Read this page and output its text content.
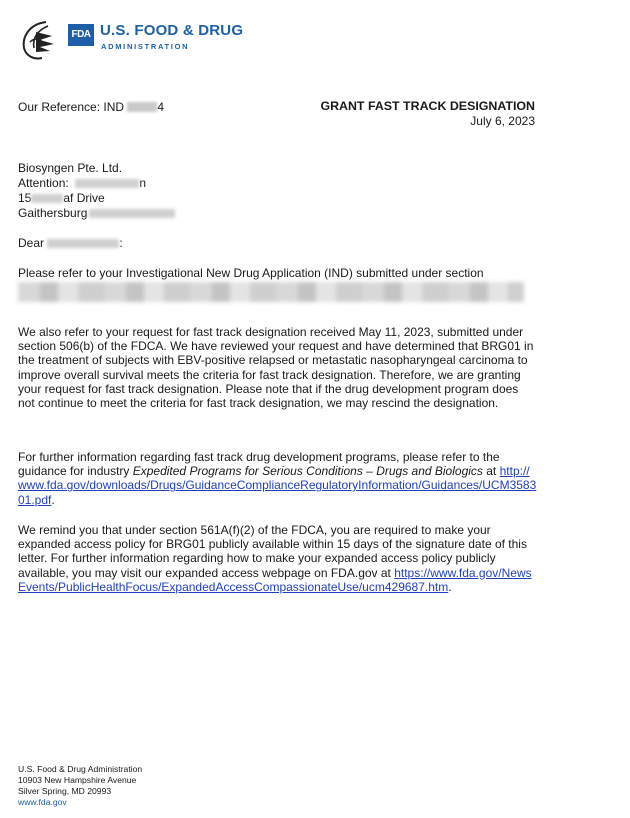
FDA U.S. FOOD & DRUG
ADMINISTRATION
Our Reference: IND	4	GRANT FAST TRACK DESIGNATION
July 6, 2023
Biosyngen Pte. Ltd.
Attention:	n
15	af Drive
Gaithersburg
Dear	:
Please refer to your Investigational New Drug Application (IND) submitted under section
We also refer to your request for fast track designation received May 11, 2023, submitted under section 506(b) of the FDCA. We have reviewed your request and have determined that BRG01 in the treatment of subjects with EBV-positive relapsed or metastatic nasopharyngeal carcinoma to improve overall survival meets the criteria for fast track designation. Therefore, we are granting your request for fast track designation. Please note that if the drug development program does not continue to meet the criteria for fast track designation, we may rescind the designation.
For further information regarding fast track drug development programs, please refer to the guidance for industry Expedited Programs for Serious Conditions – Drugs and Biologics at http://www.fda.gov/downloads/Drugs/GuidanceComplianceRegulatoryInformation/Guidances/UCM358301.pdf.
We remind you that under section 561A(f)(2) of the FDCA, you are required to make your expanded access policy for BRG01 publicly available within 15 days of the signature date of this letter. For further information regarding how to make your expanded access policy publicly available, you may visit our expanded access webpage on FDA.gov at https://www.fda.gov/NewsEvents/PublicHealthFocus/ExpandedAccessCompassionateUse/ucm429687.htm.
U.S. Food & Drug Administration
10903 New Hampshire Avenue
Silver Spring, MD 20993
www.fda.gov
